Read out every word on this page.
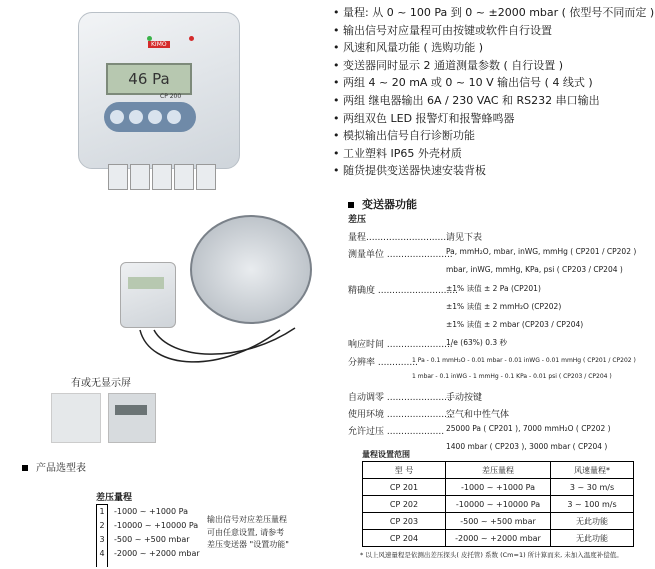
• 量程: 从 0 ~ 100 Pa 到 0 ~ ±2000 mbar ( 依型号不同而定 )
• 输出信号对应量程可由按键或软件自行设置
• 风速和风量功能 ( 选购功能 )
• 变送器同时显示 2 通道测量参数 ( 自行设置 )
• 两组 4 ~ 20 mA 或 0 ~ 10 V 输出信号 ( 4 线式 )
• 两组 继电器输出 6A / 230 VAC 和 RS232 串口输出
• 两组双色 LED 报警灯和报警蜂鸣器
• 模拟输出信号自行诊断功能
• 工业塑料 IP65 外壳材质
• 随货提供变送器快速安装背板
KIMO
46 Pa
CP 200
有或无显示屏
产品选型表
差压量程
1 -1000 ~ +1000 Pa
2 -10000 ~ +10000 Pa
3 -500 ~ +500 mbar
4 -2000 ~ +2000 mbar
输出信号对应差压量程
可由任意设置, 请参考
差压变送器 "设置功能"
变送器功能
差压
量程.............................
请见下表
测量单位 .......................
Pa, mmH₂O, mbar, inWG, mmHg ( CP201 / CP202 )
mbar, inWG, mmHg, KPa, psi ( CP203 / CP204 )
精确度 ............................
±1% 读值 ± 2 Pa (CP201)
±1% 读值 ± 2 mmH₂O (CP202)
±1% 读值 ± 2 mbar (CP203 / CP204)
响应时间 .......................
1/e (63%) 0.3 秒
分辨率 ..............
1 Pa - 0.1 mmH₂O - 0.01 mbar - 0.01 inWG - 0.01 mmHg ( CP201 / CP202 )
1 mbar - 0.1 inWG - 1 mmHg - 0.1 KPa - 0.01 psi ( CP203 / CP204 )
自动调零 .......................
手动按键
使用环境 .......................
空气和中性气体
允许过压 .................... 25000 Pa ( CP201 ), 7000 mmH₂O ( CP202 )
1400 mbar ( CP203 ), 3000 mbar ( CP204 )
量程设置范围
型 号	差压量程	风速量程*
CP 201	-1000 ~ +1000 Pa	3 ~ 30 m/s
CP 202	-10000 ~ +10000 Pa	3 ~ 100 m/s
CP 203	-500 ~ +500 mbar	无此功能
CP 204	-2000 ~ +2000 mbar	无此功能
* 以上风速量程是依测出差压探头( 皮托管) 系数 (Cm=1) 所计算而来, 未加入温度补偿值。
